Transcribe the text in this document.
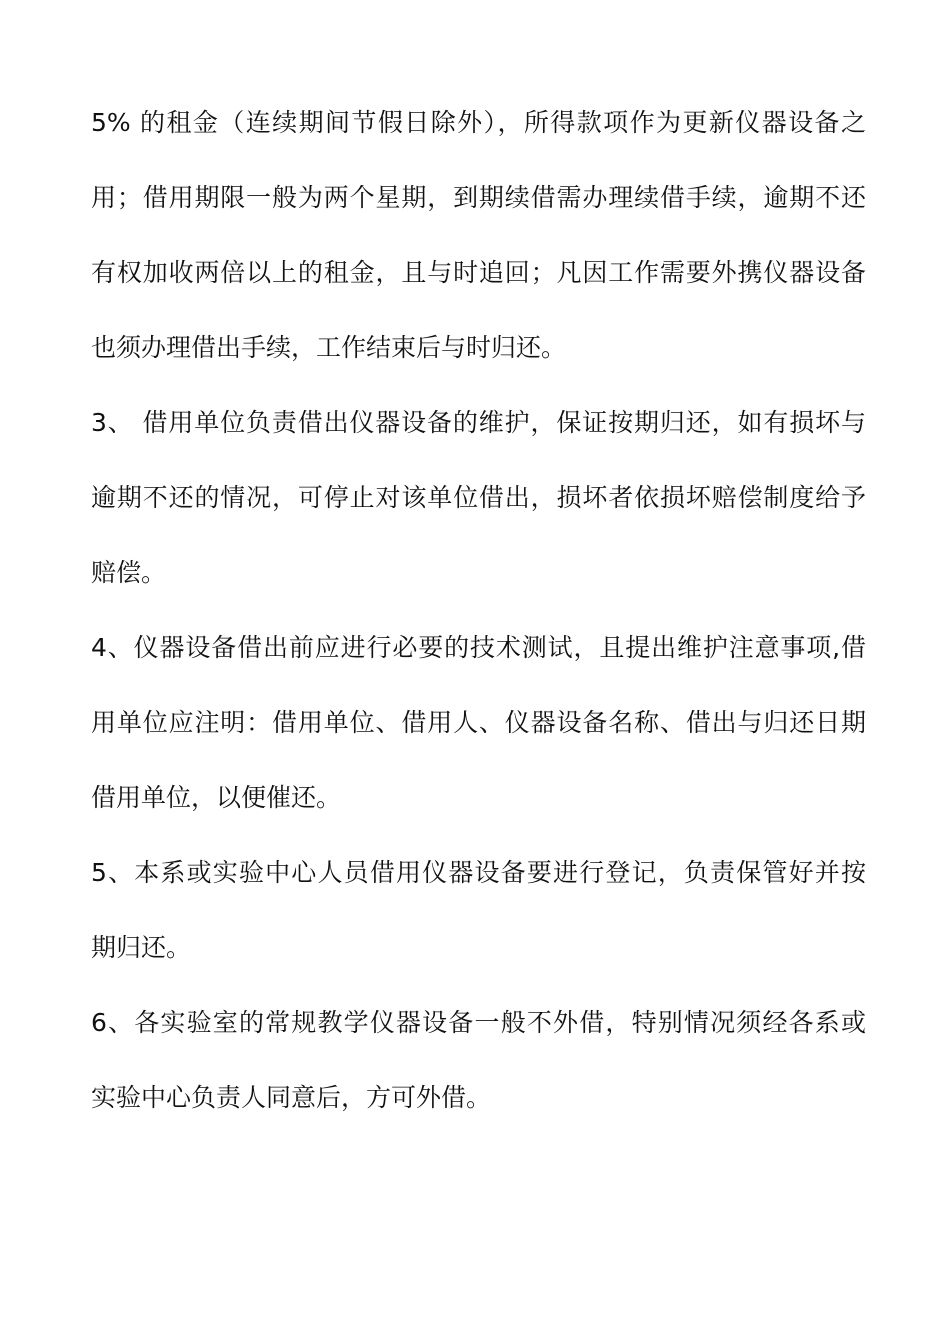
5% 的租金（连续期间节假日除外），所得款项作为更新仪器设备之
用；借用期限一般为两个星期，到期续借需办理续借手续，逾期不还
有权加收两倍以上的租金，且与时追回；凡因工作需要外携仪器设备
也须办理借出手续，工作结束后与时归还。
3、 借用单位负责借出仪器设备的维护，保证按期归还，如有损坏与
逾期不还的情况，可停止对该单位借出，损坏者依损坏赔偿制度给予
赔偿。
4、仪器设备借出前应进行必要的技术测试，且提出维护注意事项,借
用单位应注明：借用单位、借用人、仪器设备名称、借出与归还日期
借用单位，以便催还。
5、本系或实验中心人员借用仪器设备要进行登记，负责保管好并按
期归还。
6、各实验室的常规教学仪器设备一般不外借，特别情况须经各系或
实验中心负责人同意后，方可外借。
